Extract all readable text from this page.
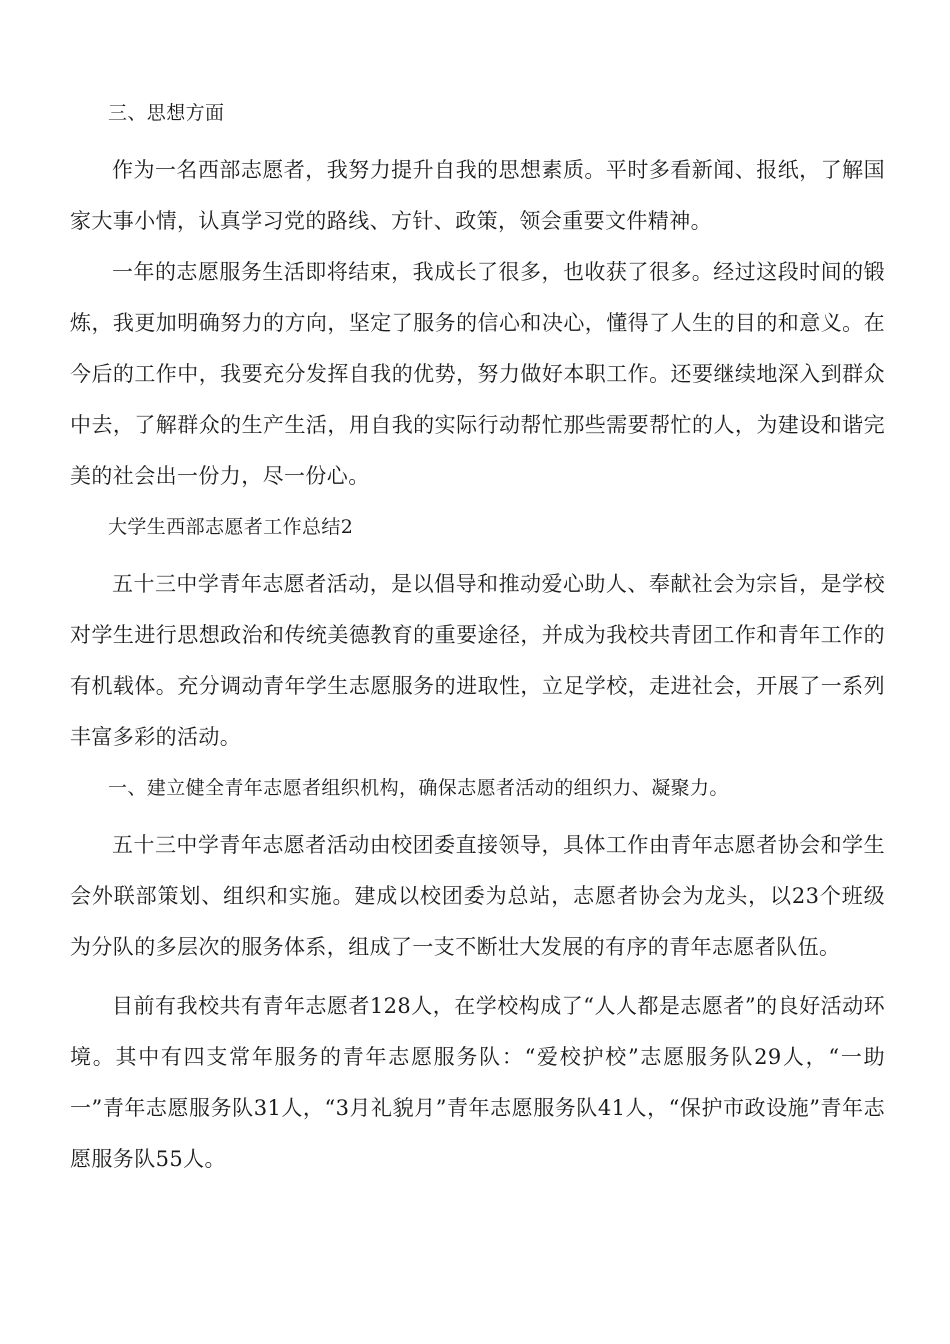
三、思想方面

作为一名西部志愿者，我努力提升自我的思想素质。平时多看新闻、报纸，了解国家大事小情，认真学习党的路线、方针、政策，领会重要文件精神。

一年的志愿服务生活即将结束，我成长了很多，也收获了很多。经过这段时间的锻炼，我更加明确努力的方向，坚定了服务的信心和决心，懂得了人生的目的和意义。在今后的工作中，我要充分发挥自我的优势，努力做好本职工作。还要继续地深入到群众中去，了解群众的生产生活，用自我的实际行动帮忙那些需要帮忙的人，为建设和谐完美的社会出一份力，尽一份心。

大学生西部志愿者工作总结2

五十三中学青年志愿者活动，是以倡导和推动爱心助人、奉献社会为宗旨，是学校对学生进行思想政治和传统美德教育的重要途径，并成为我校共青团工作和青年工作的有机载体。充分调动青年学生志愿服务的进取性，立足学校，走进社会，开展了一系列丰富多彩的活动。

一、建立健全青年志愿者组织机构，确保志愿者活动的组织力、凝聚力。

五十三中学青年志愿者活动由校团委直接领导，具体工作由青年志愿者协会和学生会外联部策划、组织和实施。建成以校团委为总站，志愿者协会为龙头，以23个班级为分队的多层次的服务体系，组成了一支不断壮大发展的有序的青年志愿者队伍。

目前有我校共有青年志愿者128人，在学校构成了“人人都是志愿者”的良好活动环境。其中有四支常年服务的青年志愿服务队：“爱校护校”志愿服务队29人，“一助一”青年志愿服务队31人，“3月礼貌月”青年志愿服务队41人，“保护市政设施”青年志愿服务队55人。
